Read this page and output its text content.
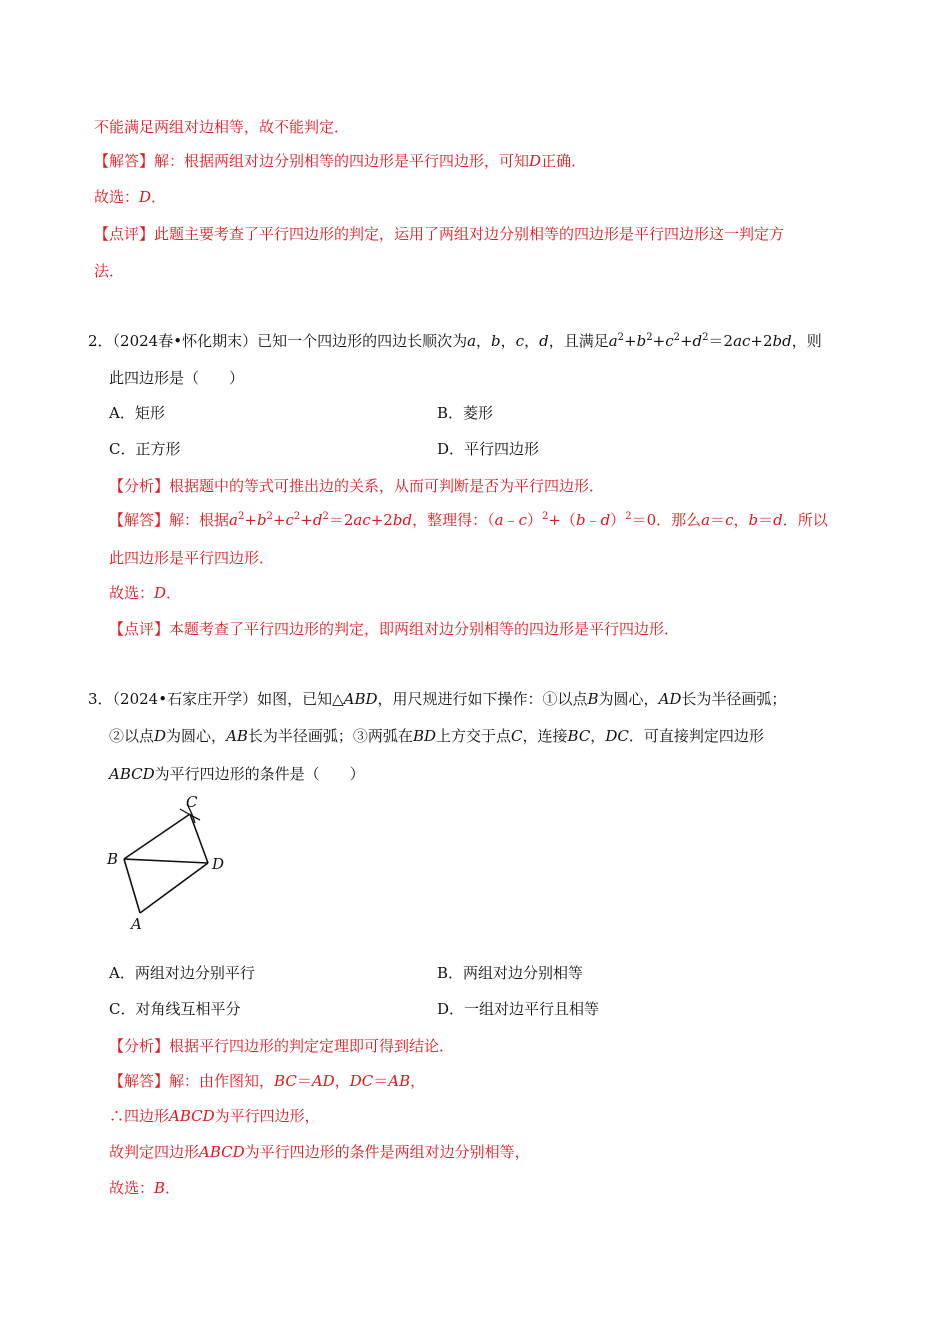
不能满足两组对边相等，故不能判定．
【解答】解：根据两组对边分别相等的四边形是平行四边形，可知D正确．
故选：D．
【点评】此题主要考查了平行四边形的判定，运用了两组对边分别相等的四边形是平行四边形这一判定方
法．
2．（2024春•怀化期末）已知一个四边形的四边长顺次为a，b，c，d，且满足$a^2+b^2+c^2+d^2=2ac+2bd$，则
此四边形是（　　）
A．矩形	B．菱形
C．正方形	D．平行四边形
【分析】根据题中的等式可推出边的关系，从而可判断是否为平行四边形．
【解答】解：根据$a^2+b^2+c^2+d^2=2ac+2bd$，整理得：（a﹣c）$^2$+（b﹣d）$^2$＝0．那么a＝c，b＝d．所以
此四边形是平行四边形．
故选：D．
【点评】本题考查了平行四边形的判定，即两组对边分别相等的四边形是平行四边形．
3．（2024•石家庄开学）如图，已知△ABD，用尺规进行如下操作：①以点B为圆心，AD长为半径画弧；
②以点D为圆心，AB长为半径画弧；③两弧在BD上方交于点C，连接BC，DC．可直接判定四边形
ABCD为平行四边形的条件是（　　）
C
B	D
A
A．两组对边分别平行	B．两组对边分别相等
C．对角线互相平分	D．一组对边平行且相等
【分析】根据平行四边形的判定定理即可得到结论．
【解答】解：由作图知，BC＝AD，DC＝AB，
∴四边形ABCD为平行四边形，
故判定四边形ABCD为平行四边形的条件是两组对边分别相等，
故选：B．
